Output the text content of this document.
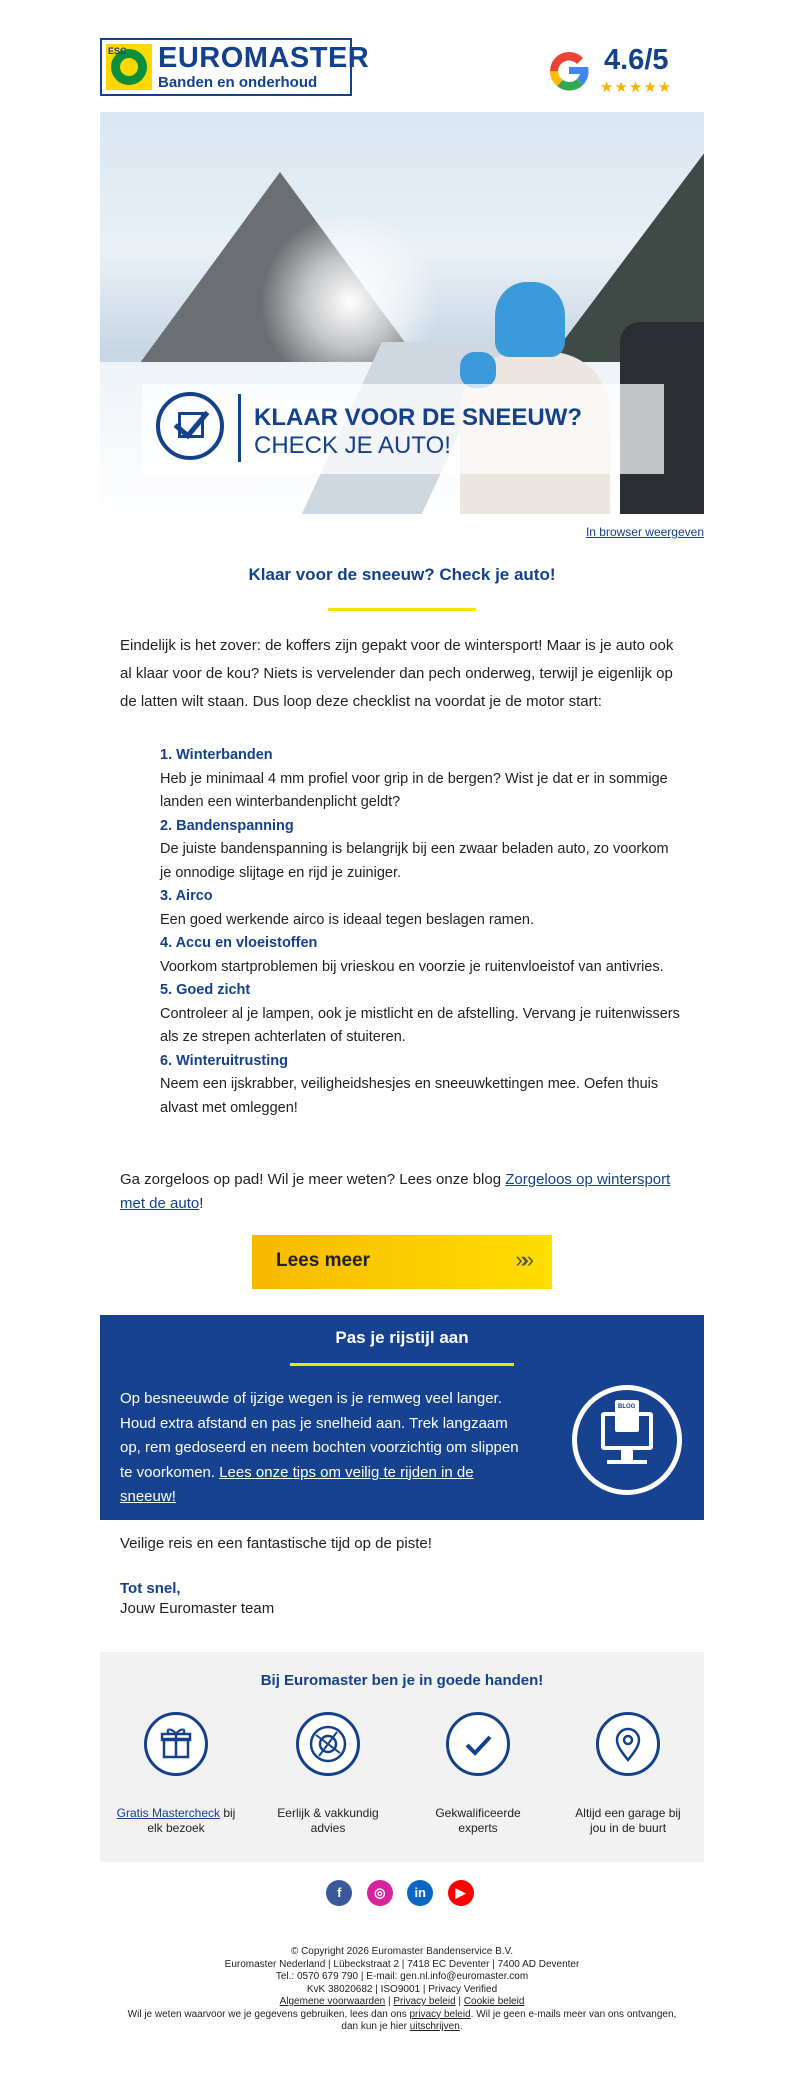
ESC EUROMASTER
Banden en onderhoud
4.6/5
★★★★★
KLAAR VOOR DE SNEEUW?
CHECK JE AUTO!
In browser weergeven
Klaar voor de sneeuw? Check je auto!
Eindelijk is het zover: de koffers zijn gepakt voor de wintersport! Maar is je auto ook al klaar voor de kou? Niets is vervelender dan pech onderweg, terwijl je eigenlijk op de latten wilt staan. Dus loop deze checklist na voordat je de motor start:
1. Winterbanden
Heb je minimaal 4 mm profiel voor grip in de bergen? Wist je dat er in sommige landen een winterbandenplicht geldt?
2. Bandenspanning
De juiste bandenspanning is belangrijk bij een zwaar beladen auto, zo voorkom je onnodige slijtage en rijd je zuiniger.
3. Airco
Een goed werkende airco is ideaal tegen beslagen ramen.
4. Accu en vloeistoffen
Voorkom startproblemen bij vrieskou en voorzie je ruitenvloeistof van antivries.
5. Goed zicht
Controleer al je lampen, ook je mistlicht en de afstelling. Vervang je ruitenwissers als ze strepen achterlaten of stuiteren.
6. Winteruitrusting
Neem een ijskrabber, veiligheidshesjes en sneeuwkettingen mee. Oefen thuis alvast met omleggen!
Ga zorgeloos op pad! Wil je meer weten? Lees onze blog Zorgeloos op wintersport met de auto!
Lees meer	»»
Pas je rijstijl aan
Op besneeuwde of ijzige wegen is je remweg veel langer. Houd extra afstand en pas je snelheid aan. Trek langzaam op, rem gedoseerd en neem bochten voorzichtig om slippen te voorkomen. Lees onze tips om veilig te rijden in de sneeuw!
BLOG
Veilige reis en een fantastische tijd op de piste!
Tot snel,
Jouw Euromaster team
Bij Euromaster ben je in goede handen!
Gratis Mastercheck bij elk bezoek
Eerlijk & vakkundig advies
Gekwalificeerde experts
Altijd een garage bij jou in de buurt
f	◎ in ▶
© Copyright 2026 Euromaster Bandenservice B.V.
Euromaster Nederland | Lübeckstraat 2 | 7418 EC Deventer | 7400 AD Deventer
Tel.: 0570 679 790 | E-mail: gen.nl.info@euromaster.com
KvK 38020682 | ISO9001 | Privacy Verified
Algemene voorwaarden | Privacy beleid | Cookie beleid
Wil je weten waarvoor we je gegevens gebruiken, lees dan ons privacy beleid. Wil je geen e-mails meer van ons ontvangen, dan kun je hier uitschrijven.
